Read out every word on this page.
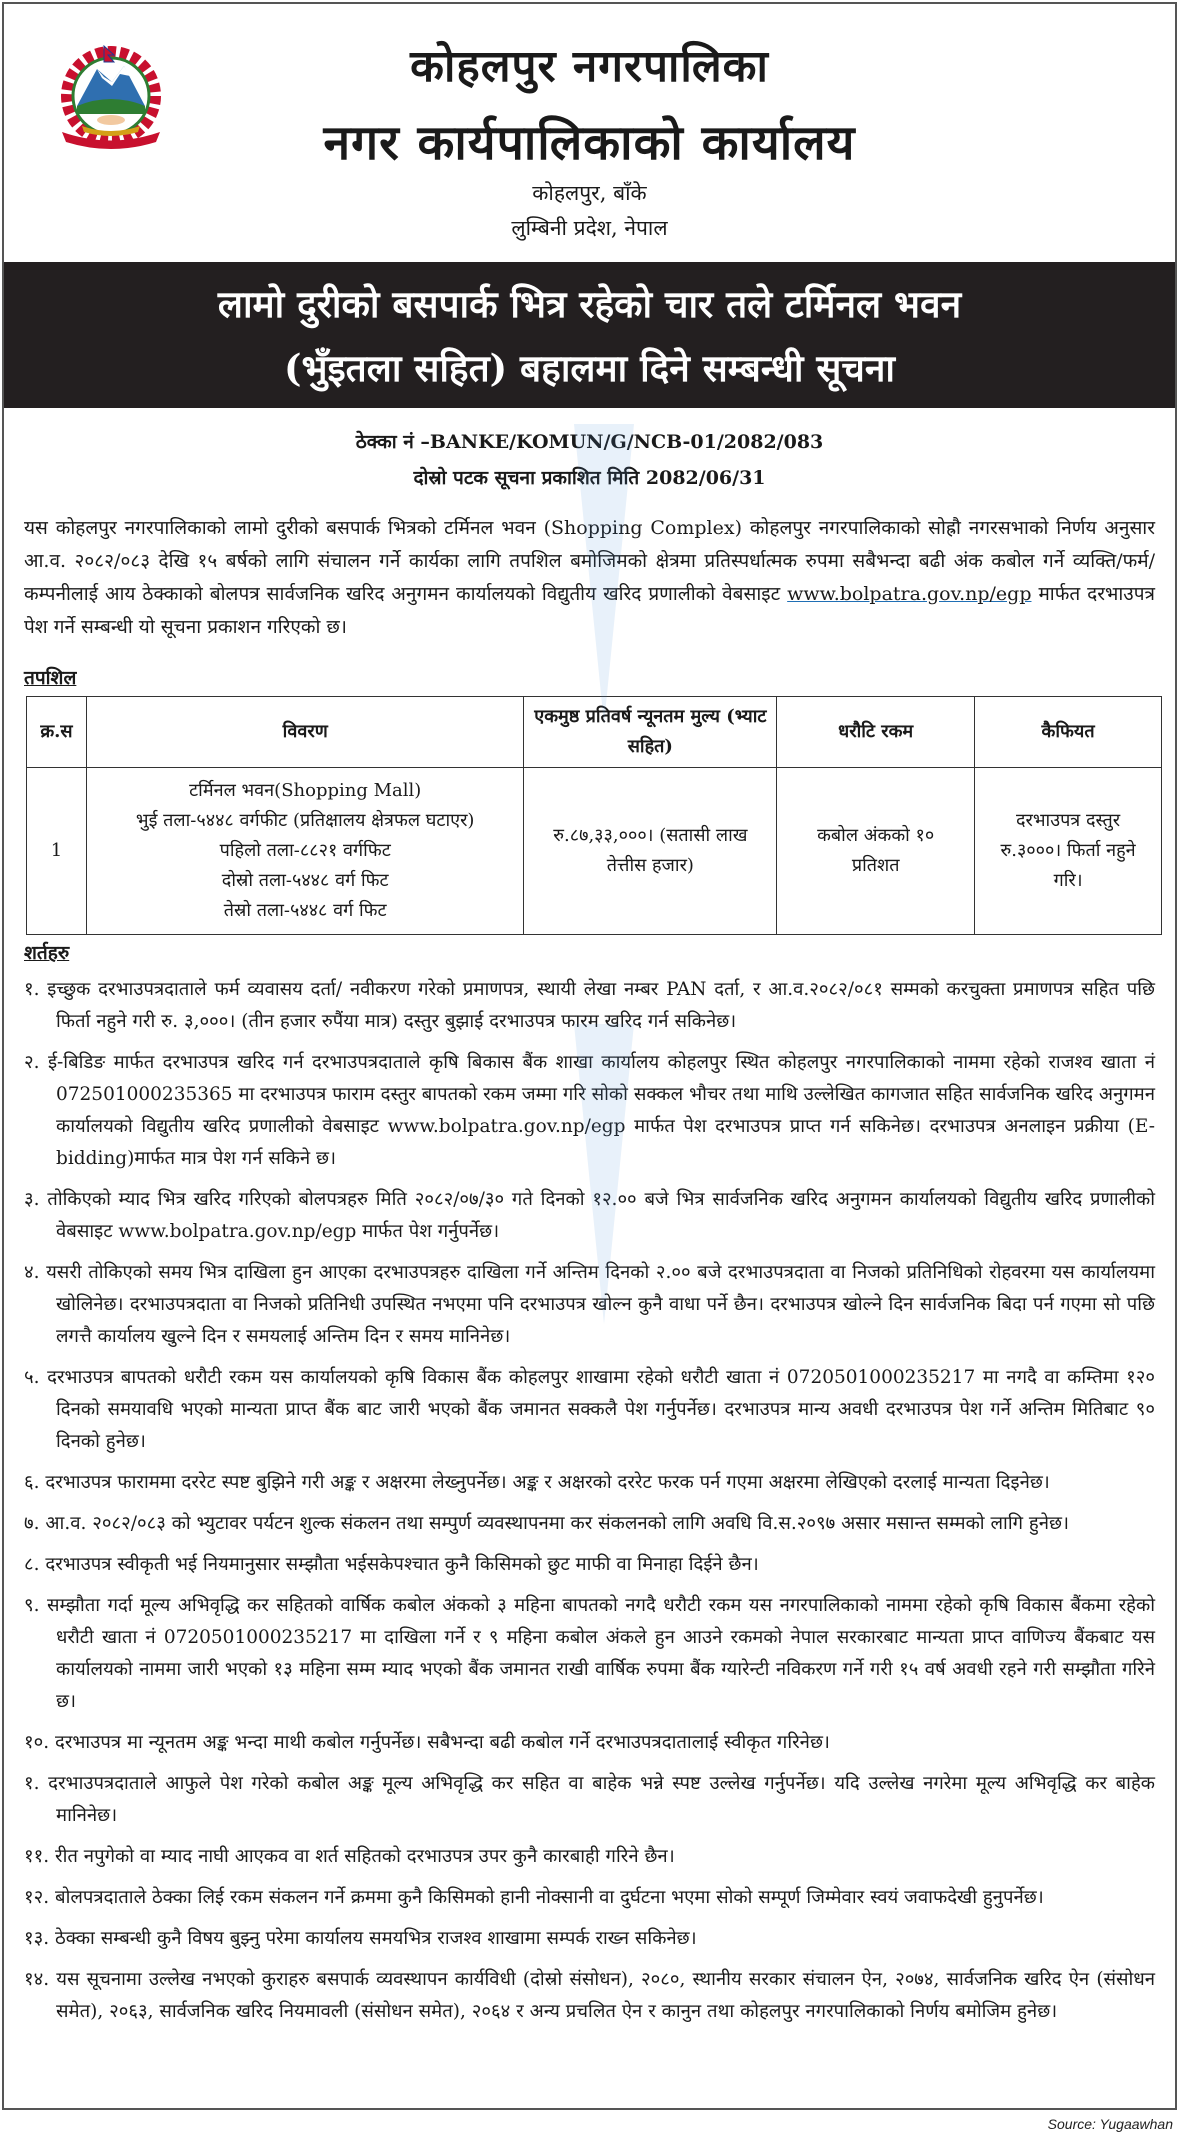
कोहलपुर नगरपालिका
नगर कार्यपालिकाको कार्यालय
कोहलपुर, बाँके
लुम्बिनी प्रदेश, नेपाल
लामो दुरीको बसपार्क भित्र रहेको चार तले टर्मिनल भवन
(भुँइतला सहित) बहालमा दिने सम्बन्धी सूचना
ठेक्का नं –BANKE/KOMUN/G/NCB-01/2082/083
दोस्रो पटक सूचना प्रकाशित मिति 2082/06/31
यस कोहलपुर नगरपालिकाको लामो दुरीको बसपार्क भित्रको टर्मिनल भवन (Shopping Complex) कोहलपुर नगरपालिकाको सोह्रौ नगरसभाको निर्णय अनुसार आ.व. २०८२/०८३ देखि १५ बर्षको लागि संचालन गर्ने कार्यका लागि तपशिल बमोजिमको क्षेत्रमा प्रतिस्पर्धात्मक रुपमा सबैभन्दा बढी अंक कबोल गर्ने व्यक्ति/फर्म/कम्पनीलाई आय ठेक्काको बोलपत्र सार्वजनिक खरिद अनुगमन कार्यालयको विद्युतीय खरिद प्रणालीको वेबसाइट www.bolpatra.gov.np/egp मार्फत दरभाउपत्र पेश गर्ने सम्बन्धी यो सूचना प्रकाशन गरिएको छ।
तपशिल
क्र.स	विवरण	एकमुष्ठ प्रतिवर्ष न्यूनतम मुल्य (भ्याट सहित)	धरौटि रकम	कैफियत
1	टर्मिनल भवन(Shopping Mall)
भुई तला-५४४८ वर्गफीट (प्रतिक्षालय क्षेत्रफल घटाएर)
पहिलो तला-८८२१ वर्गफिट
दोस्रो तला-५४४८ वर्ग फिट
तेस्रो तला-५४४८ वर्ग फिट	रु.८७,३३,०००। (सतासी लाख तेत्तीस हजार)	कबोल अंकको १० प्रतिशत	दरभाउपत्र दस्तुर रु.३०००। फिर्ता नहुने गरि।
शर्तहरु
१. इच्छुक दरभाउपत्रदाताले फर्म व्यवासय दर्ता/ नवीकरण गरेको प्रमाणपत्र, स्थायी लेखा नम्बर PAN दर्ता, र आ.व.२०८२/०८१ सम्मको करचुक्ता प्रमाणपत्र सहित पछि फिर्ता नहुने गरी रु. ३,०००। (तीन हजार रुपैंया मात्र) दस्तुर बुझाई दरभाउपत्र फारम खरिद गर्न सकिनेछ।
२. ई-बिडिङ मार्फत दरभाउपत्र खरिद गर्न दरभाउपत्रदाताले कृषि बिकास बैंक शाखा कार्यालय कोहलपुर स्थित कोहलपुर नगरपालिकाको नाममा रहेको राजश्व खाता नं 072501000235365 मा दरभाउपत्र फाराम दस्तुर बापतको रकम जम्मा गरि सोको सक्कल भौचर तथा माथि उल्लेखित कागजात सहित सार्वजनिक खरिद अनुगमन कार्यालयको विद्युतीय खरिद प्रणालीको वेबसाइट www.bolpatra.gov.np/egp मार्फत पेश दरभाउपत्र प्राप्त गर्न सकिनेछ। दरभाउपत्र अनलाइन प्रक्रीया (E-bidding)मार्फत मात्र पेश गर्न सकिने छ।
३. तोकिएको म्याद भित्र खरिद गरिएको बोलपत्रहरु मिति २०८२/०७/३० गते दिनको १२.०० बजे भित्र सार्वजनिक खरिद अनुगमन कार्यालयको विद्युतीय खरिद प्रणालीको वेबसाइट www.bolpatra.gov.np/egp मार्फत पेश गर्नुपर्नेछ।
४. यसरी तोकिएको समय भित्र दाखिला हुन आएका दरभाउपत्रहरु दाखिला गर्ने अन्तिम दिनको २.०० बजे दरभाउपत्रदाता वा निजको प्रतिनिधिको रोहवरमा यस कार्यालयमा खोलिनेछ। दरभाउपत्रदाता वा निजको प्रतिनिधी उपस्थित नभएमा पनि दरभाउपत्र खोल्न कुनै वाधा पर्ने छैन। दरभाउपत्र खोल्ने दिन सार्वजनिक बिदा पर्न गएमा सो पछि लगत्तै कार्यालय खुल्ने दिन र समयलाई अन्तिम दिन र समय मानिनेछ।
५. दरभाउपत्र बापतको धरौटी रकम यस कार्यालयको कृषि विकास बैंक कोहलपुर शाखामा रहेको धरौटी खाता नं 0720501000235217 मा नगदै वा कम्तिमा १२० दिनको समयावधि भएको मान्यता प्राप्त बैंक बाट जारी भएको बैंक जमानत सक्कलै पेश गर्नुपर्नेछ। दरभाउपत्र मान्य अवधी दरभाउपत्र पेश गर्ने अन्तिम मितिबाट ९० दिनको हुनेछ।
६. दरभाउपत्र फाराममा दररेट स्पष्ट बुझिने गरी अङ्क र अक्षरमा लेख्नुपर्नेछ। अङ्क र अक्षरको दररेट फरक पर्न गएमा अक्षरमा लेखिएको दरलाई मान्यता दिइनेछ।
७. आ.व. २०८२/०८३ को भ्युटावर पर्यटन शुल्क संकलन तथा सम्पुर्ण व्यवस्थापनमा कर संकलनको लागि अवधि वि.स.२०९७ असार मसान्त सम्मको लागि हुनेछ।
८. दरभाउपत्र स्वीकृती भई नियमानुसार सम्झौता भईसकेपश्चात कुनै किसिमको छुट माफी वा मिनाहा दिईने छैन।
९. सम्झौता गर्दा मूल्य अभिवृद्धि कर सहितको वार्षिक कबोल अंकको ३ महिना बापतको नगदै धरौटी रकम यस नगरपालिकाको नाममा रहेको कृषि विकास बैंकमा रहेको धरौटी खाता नं 0720501000235217 मा दाखिला गर्ने र ९ महिना कबोल अंकले हुन आउने रकमको नेपाल सरकारबाट मान्यता प्राप्त वाणिज्य बैंकबाट यस कार्यालयको नाममा जारी भएको १३ महिना सम्म म्याद भएको बैंक जमानत राखी वार्षिक रुपमा बैंक ग्यारेन्टी नविकरण गर्ने गरी १५ वर्ष अवधी रहने गरी सम्झौता गरिने छ।
१०. दरभाउपत्र मा न्यूनतम अङ्क भन्दा माथी कबोल गर्नुपर्नेछ। सबैभन्दा बढी कबोल गर्ने दरभाउपत्रदातालाई स्वीकृत गरिनेछ।
१. दरभाउपत्रदाताले आफुले पेश गरेको कबोल अङ्क मूल्य अभिवृद्धि कर सहित वा बाहेक भन्ने स्पष्ट उल्लेख गर्नुपर्नेछ। यदि उल्लेख नगरेमा मूल्य अभिवृद्धि कर बाहेक मानिनेछ।
११. रीत नपुगेको वा म्याद नाघी आएकव वा शर्त सहितको दरभाउपत्र उपर कुनै कारबाही गरिने छैन।
१२. बोलपत्रदाताले ठेक्का लिई रकम संकलन गर्ने क्रममा कुनै किसिमको हानी नोक्सानी वा दुर्घटना भएमा सोको सम्पूर्ण जिम्मेवार स्वयं जवाफदेखी हुनुपर्नेछ।
१३. ठेक्का सम्बन्धी कुनै विषय बुझ्नु परेमा कार्यालय समयभित्र राजश्व शाखामा सम्पर्क राख्न सकिनेछ।
१४. यस सूचनामा उल्लेख नभएको कुराहरु बसपार्क व्यवस्थापन कार्यविधी (दोस्रो संसोधन), २०८०, स्थानीय सरकार संचालन ऐन, २०७४, सार्वजनिक खरिद ऐन (संसोधन समेत), २०६३, सार्वजनिक खरिद नियमावली (संसोधन समेत), २०६४ र अन्य प्रचलित ऐन र कानुन तथा कोहलपुर नगरपालिकाको निर्णय बमोजिम हुनेछ।
Source: Yugaawhan
